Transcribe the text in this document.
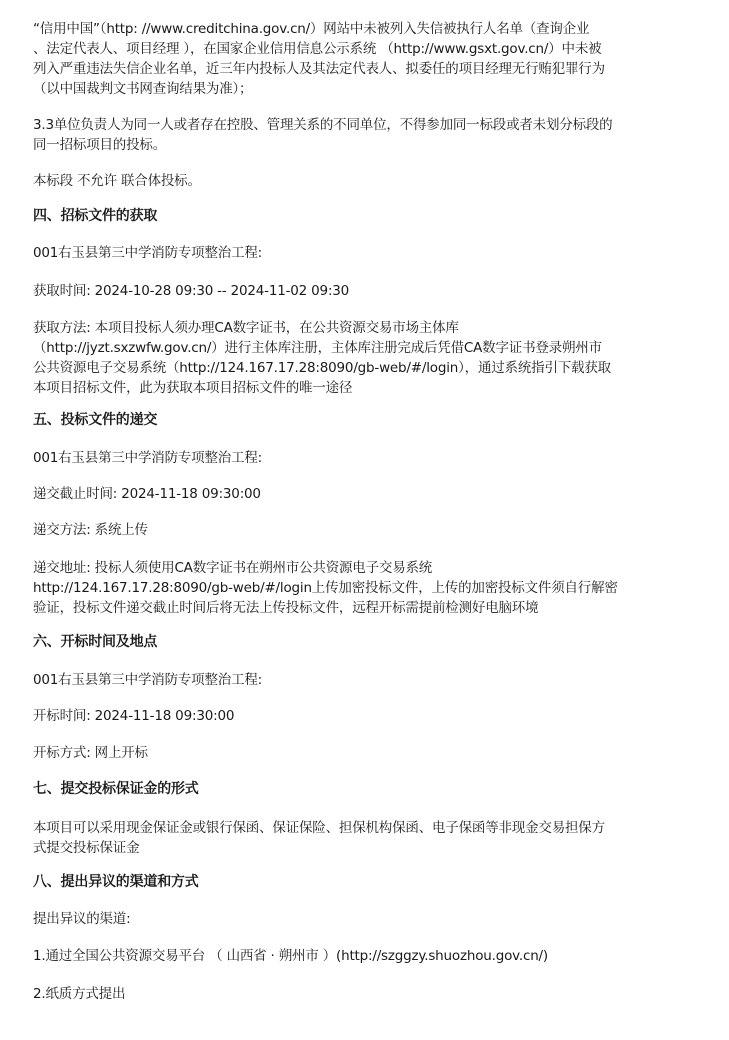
“信用中国”（http: //www.creditchina.gov.cn/）网站中未被列入失信被执行人名单（查询企业
、法定代表人、项目经理 ），在国家企业信用信息公示系统 （http://www.gsxt.gov.cn/）中未被
列入严重违法失信企业名单，近三年内投标人及其法定代表人、拟委任的项目经理无行贿犯罪行为
（以中国裁判文书网查询结果为准）；
3.3单位负责人为同一人或者存在控股、管理关系的不同单位，不得参加同一标段或者未划分标段的
同一招标项目的投标。
本标段 不允许 联合体投标。
四、招标文件的获取
001右玉县第三中学消防专项整治工程:
获取时间: 2024-10-28 09:30 -- 2024-11-02 09:30
获取方法: 本项目投标人须办理CA数字证书，在公共资源交易市场主体库
（http://jyzt.sxzwfw.gov.cn/）进行主体库注册，主体库注册完成后凭借CA数字证书登录朔州市
公共资源电子交易系统（http://124.167.17.28:8090/gb-web/#/login），通过系统指引下载获取
本项目招标文件，此为获取本项目招标文件的唯一途径
五、投标文件的递交
001右玉县第三中学消防专项整治工程:
递交截止时间: 2024-11-18 09:30:00
递交方法: 系统上传
递交地址: 投标人须使用CA数字证书在朔州市公共资源电子交易系统
http://124.167.17.28:8090/gb-web/#/login上传加密投标文件，上传的加密投标文件须自行解密
验证，投标文件递交截止时间后将无法上传投标文件，远程开标需提前检测好电脑环境
六、开标时间及地点
001右玉县第三中学消防专项整治工程:
开标时间: 2024-11-18 09:30:00
开标方式: 网上开标
七、提交投标保证金的形式
本项目可以采用现金保证金或银行保函、保证保险、担保机构保函、电子保函等非现金交易担保方
式提交投标保证金
八、提出异议的渠道和方式
提出异议的渠道:
1.通过全国公共资源交易平台 （ 山西省 · 朔州市 ）(http://szggzy.shuozhou.gov.cn/)
2.纸质方式提出
